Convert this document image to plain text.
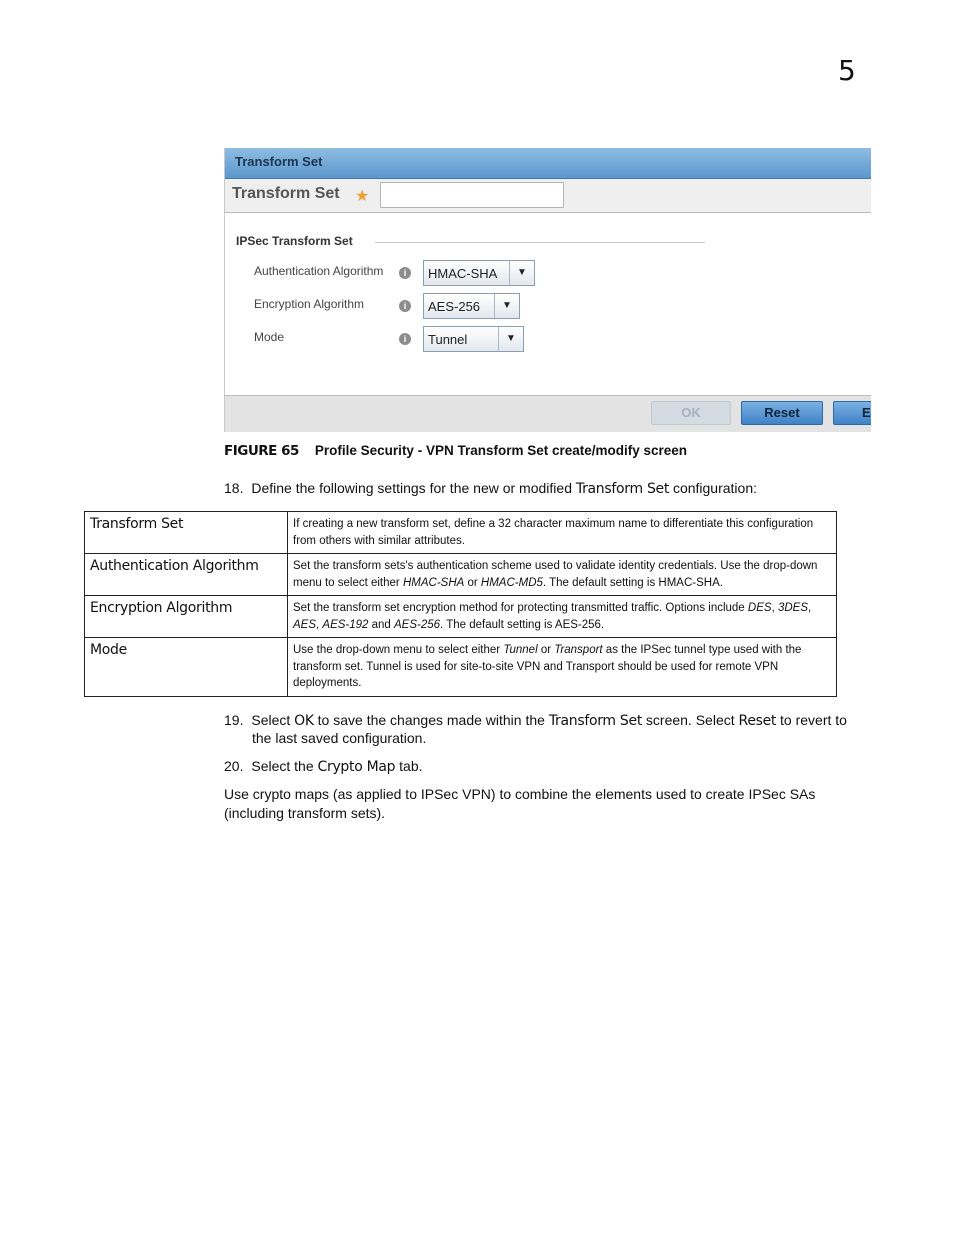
5
Transform Set
Transform Set ★
IPSec Transform Set
Authentication Algorithm	i	HMAC-SHA	▼
Encryption Algorithm	i	AES-256	▼
Mode	i	Tunnel	▼
OK	Reset	E
FIGURE 65 Profile Security - VPN Transform Set create/modify screen
18. Define the following settings for the new or modified Transform Set configuration:
Transform Set	If creating a new transform set, define a 32 character maximum name to differentiate this configuration from others with similar attributes.
Authentication Algorithm	Set the transform sets's authentication scheme used to validate identity credentials. Use the drop-down menu to select either HMAC-SHA or HMAC-MD5. The default setting is HMAC-SHA.
Encryption Algorithm	Set the transform set encryption method for protecting transmitted traffic. Options include DES, 3DES, AES, AES-192 and AES-256. The default setting is AES-256.
Mode	Use the drop-down menu to select either Tunnel or Transport as the IPSec tunnel type used with the transform set. Tunnel is used for site-to-site VPN and Transport should be used for remote VPN deployments.
19. Select OK to save the changes made within the Transform Set screen. Select Reset to revert to
the last saved configuration.
20. Select the Crypto Map tab.
Use crypto maps (as applied to IPSec VPN) to combine the elements used to create IPSec SAs
(including transform sets).
